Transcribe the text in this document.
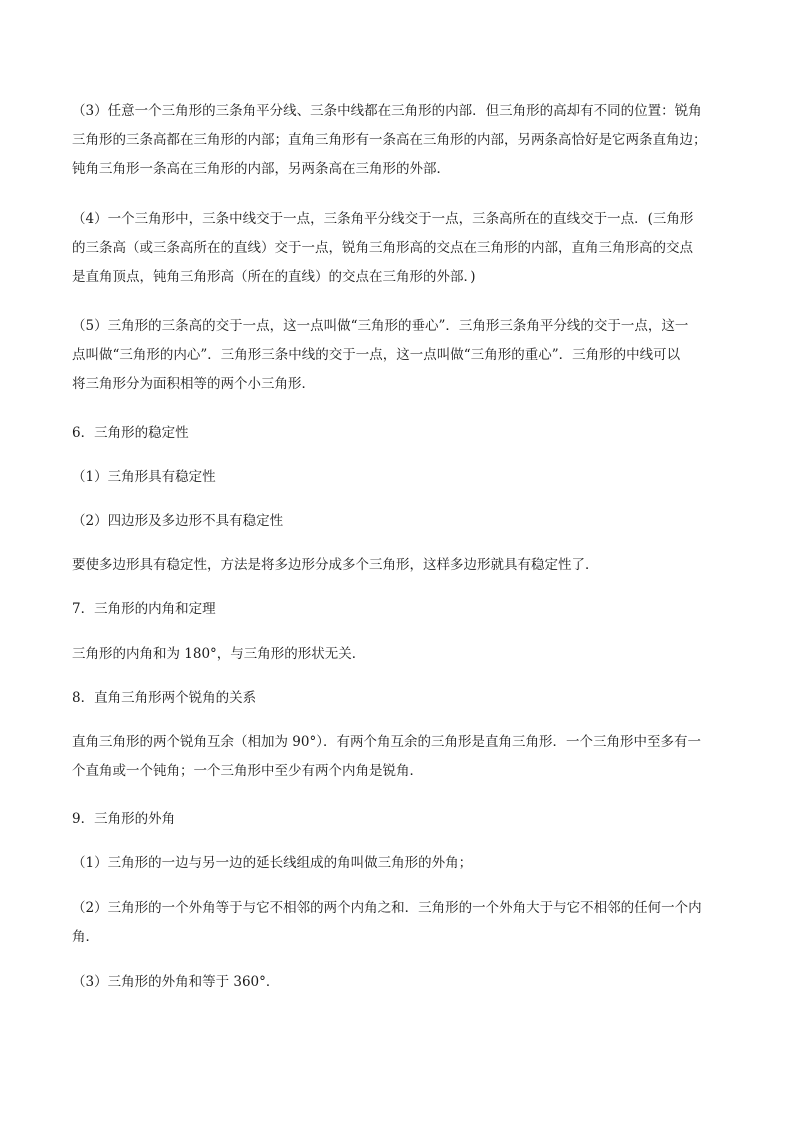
（3）任意一个三角形的三条角平分线、三条中线都在三角形的内部．但三角形的高却有不同的位置：锐角
三角形的三条高都在三角形的内部；直角三角形有一条高在三角形的内部，另两条高恰好是它两条直角边；
钝角三角形一条高在三角形的内部，另两条高在三角形的外部．
（4）一个三角形中，三条中线交于一点，三条角平分线交于一点，三条高所在的直线交于一点．(三角形
的三条高（或三条高所在的直线）交于一点，锐角三角形高的交点在三角形的内部，直角三角形高的交点
是直角顶点，钝角三角形高（所在的直线）的交点在三角形的外部．)
（5）三角形的三条高的交于一点，这一点叫做“三角形的垂心”．三角形三条角平分线的交于一点，这一
点叫做“三角形的内心”．三角形三条中线的交于一点，这一点叫做“三角形的重心”．三角形的中线可以
将三角形分为面积相等的两个小三角形．
6．三角形的稳定性
（1）三角形具有稳定性
（2）四边形及多边形不具有稳定性
要使多边形具有稳定性，方法是将多边形分成多个三角形，这样多边形就具有稳定性了．
7．三角形的内角和定理
三角形的内角和为 180°，与三角形的形状无关．
8．直角三角形两个锐角的关系
直角三角形的两个锐角互余（相加为 90°）．有两个角互余的三角形是直角三角形．一个三角形中至多有一
个直角或一个钝角；一个三角形中至少有两个内角是锐角．
9．三角形的外角
（1）三角形的一边与另一边的延长线组成的角叫做三角形的外角；
（2）三角形的一个外角等于与它不相邻的两个内角之和．三角形的一个外角大于与它不相邻的任何一个内
角．
（3）三角形的外角和等于 360°．
